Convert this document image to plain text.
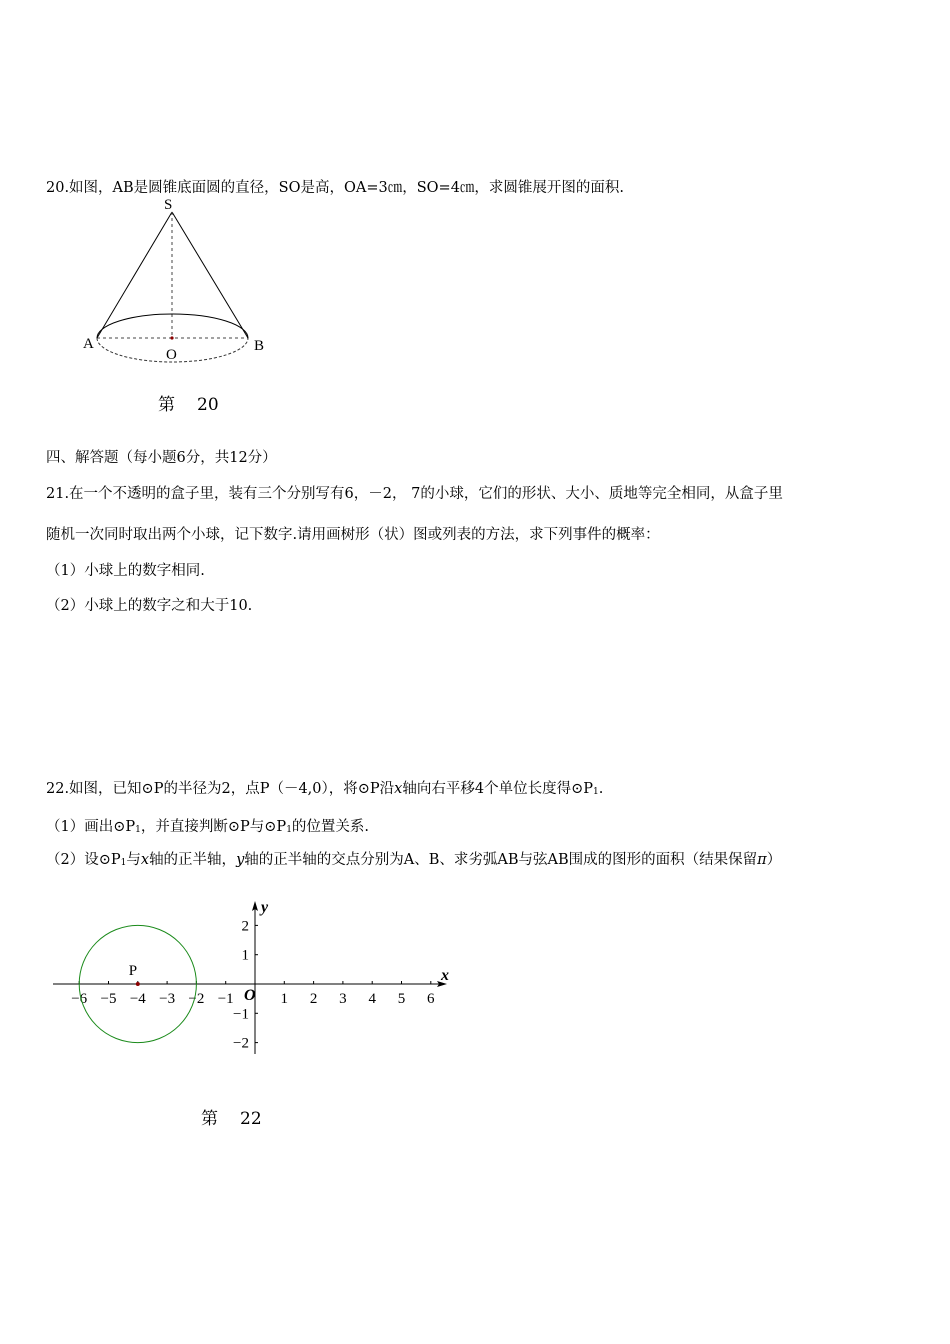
20.如图，AB是圆锥底面圆的直径，SO是高，OA=3㎝，SO=4㎝，求圆锥展开图的面积.
S
A
O
B
第 20
四、解答题（每小题6分，共12分）
21.在一个不透明的盒子里，装有三个分别写有6，－2， 7的小球，它们的形状、大小、质地等完全相同，从盒子里
随机一次同时取出两个小球，记下数字.请用画树形（状）图或列表的方法，求下列事件的概率：
（1）小球上的数字相同.
（2）小球上的数字之和大于10.
22.如图，已知⊙P的半径为2，点P（－4,0），将⊙P沿x轴向右平移4个单位长度得$⊙P_1$.
（1）画出$⊙P_1$，并直接判断⊙P与$⊙P_1$的位置关系.
（2）设$⊙P_1$与x轴的正半轴，y轴的正半轴的交点分别为A、B、求劣弧AB与弦AB围成的图形的面积（结果保留π）
x
y
O
−6 −5 −4 −3 −2 −1	1 2 3 4 5 6
2
1
−1
−2
P
第 22
